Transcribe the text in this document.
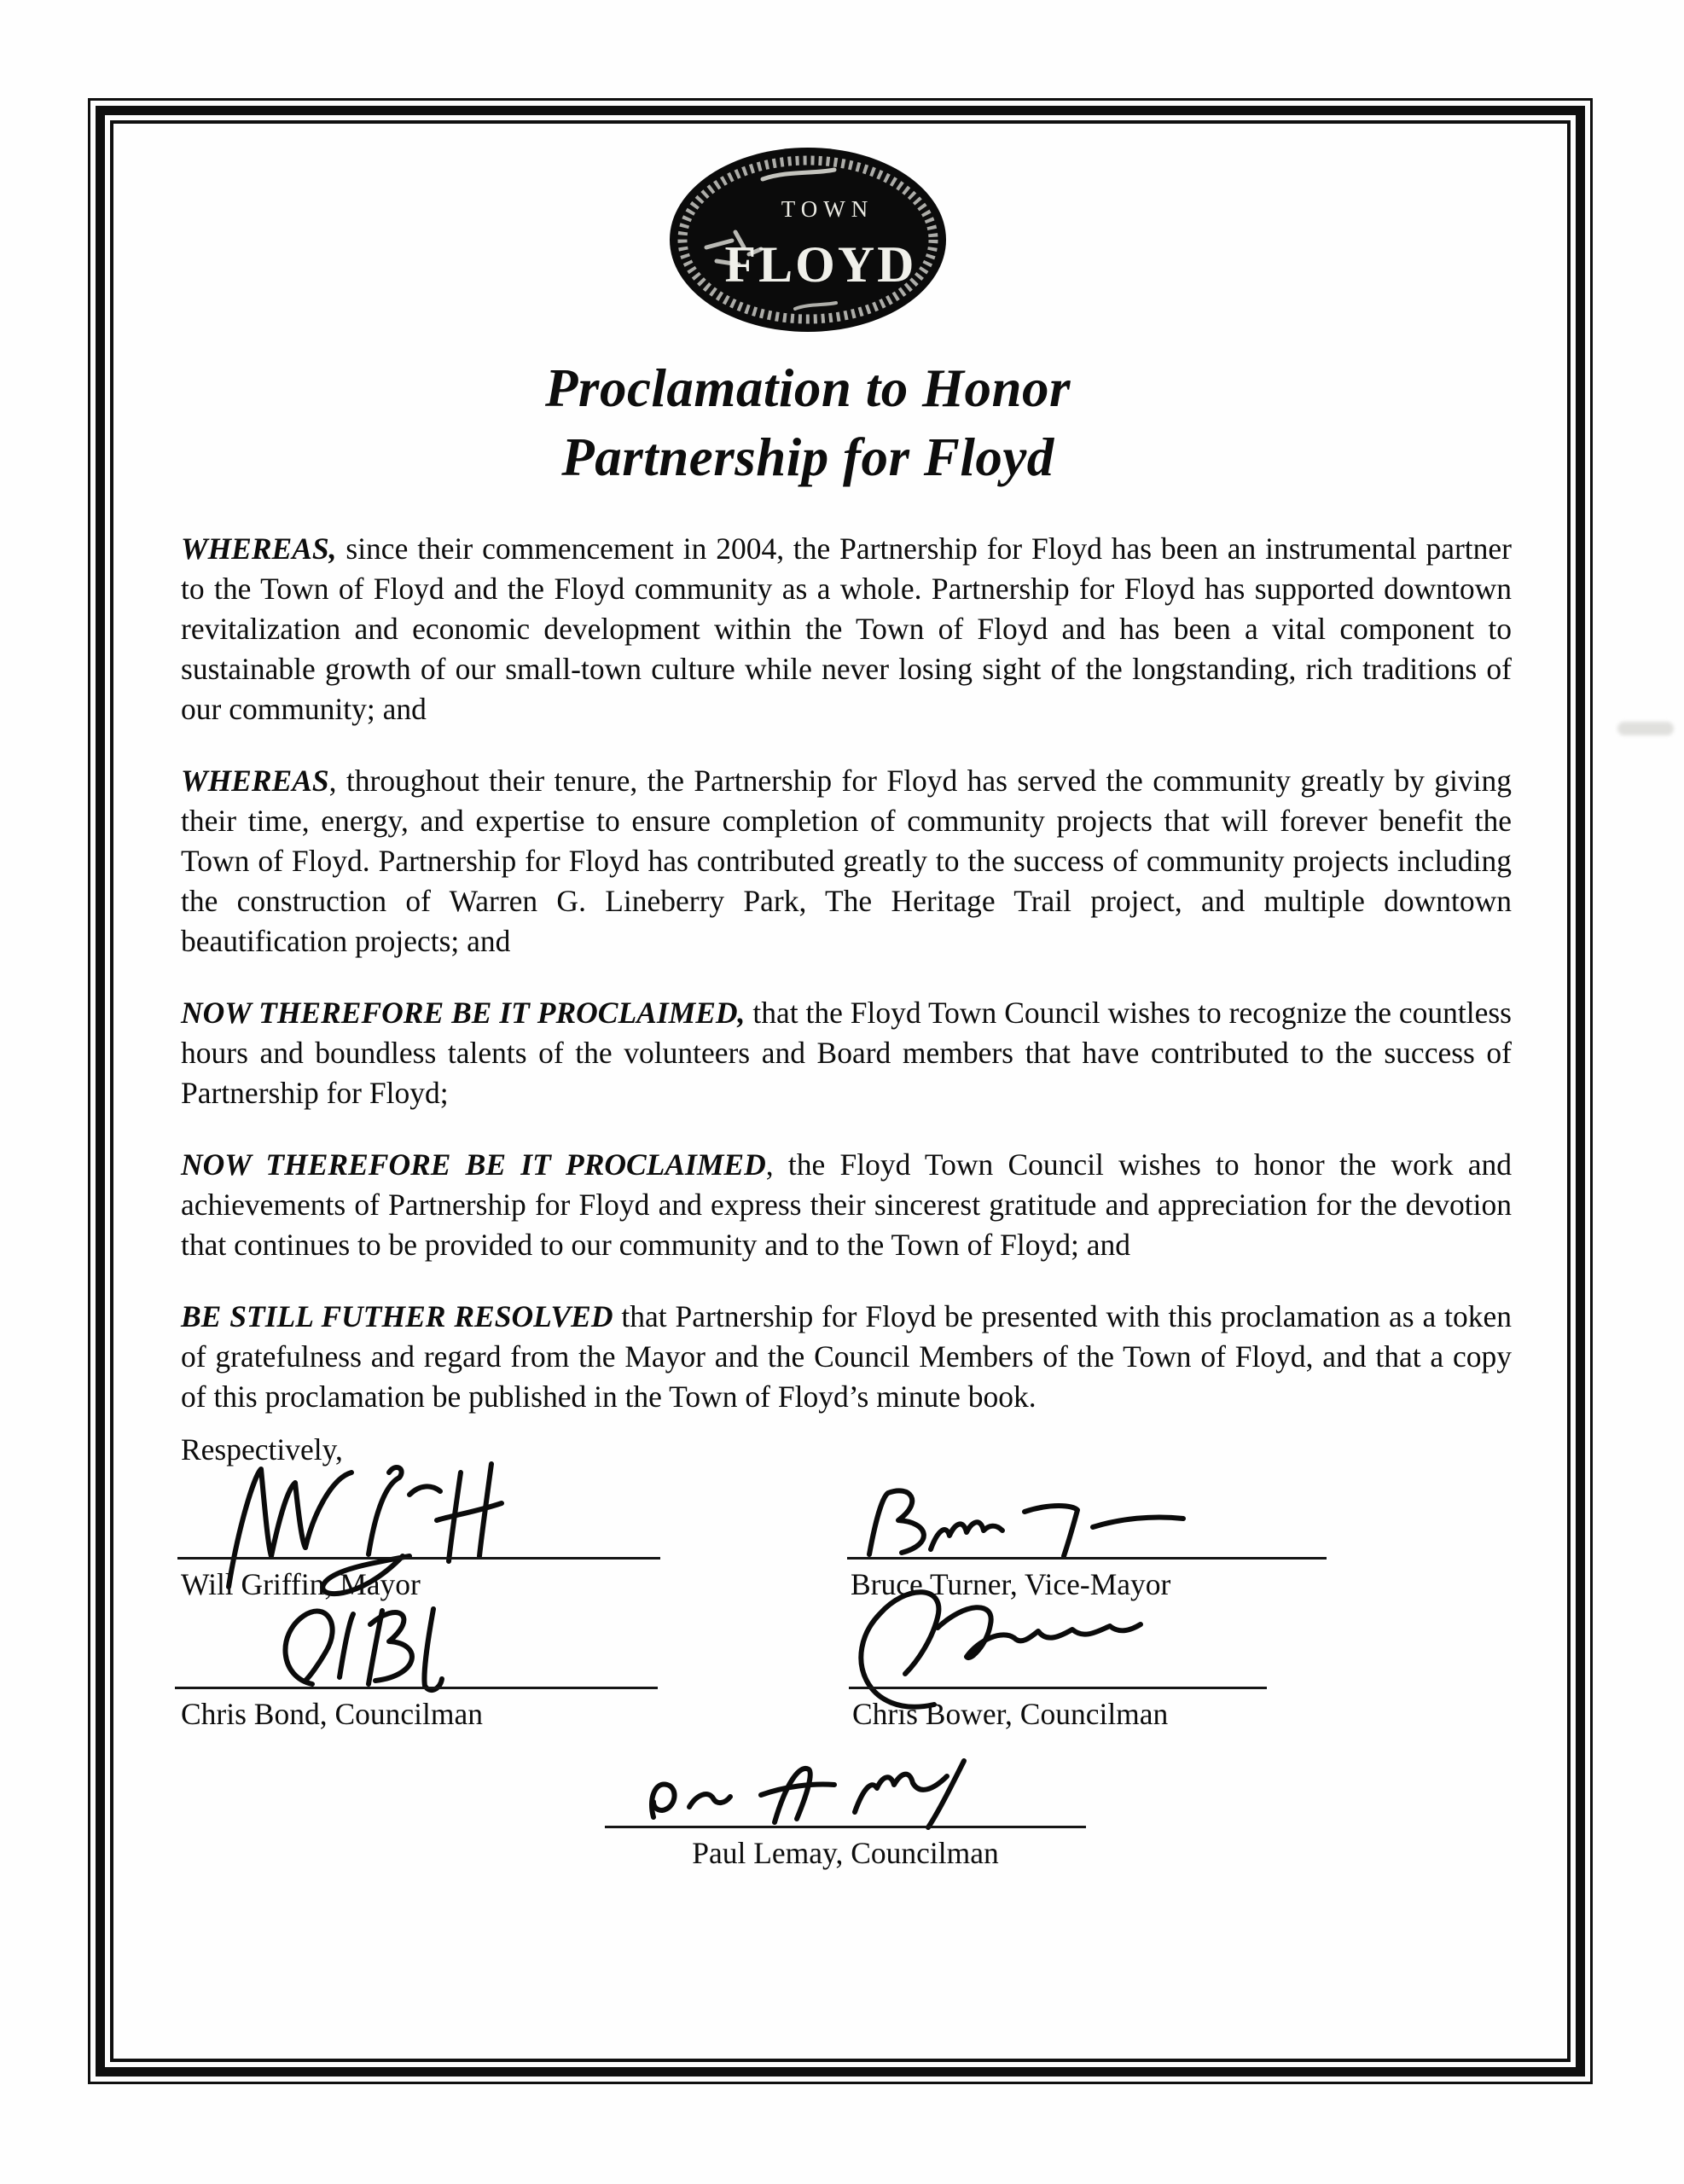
TOWN
FLOYD
Proclamation to Honor
Partnership for Floyd

WHEREAS, since their commencement in 2004, the Partnership for Floyd has been an instrumental partner to the Town of Floyd and the Floyd community as a whole. Partnership for Floyd has supported downtown revitalization and economic development within the Town of Floyd and has been a vital component to sustainable growth of our small-town culture while never losing sight of the longstanding, rich traditions of our community; and

WHEREAS, throughout their tenure, the Partnership for Floyd has served the community greatly by giving their time, energy, and expertise to ensure completion of community projects that will forever benefit the Town of Floyd. Partnership for Floyd has contributed greatly to the success of community projects including the construction of Warren G. Lineberry Park, The Heritage Trail project, and multiple downtown beautification projects; and

NOW THEREFORE BE IT PROCLAIMED, that the Floyd Town Council wishes to recognize the countless hours and boundless talents of the volunteers and Board members that have contributed to the success of Partnership for Floyd;

NOW THEREFORE BE IT PROCLAIMED, the Floyd Town Council wishes to honor the work and achievements of Partnership for Floyd and express their sincerest gratitude and appreciation for the devotion that continues to be provided to our community and to the Town of Floyd; and

BE STILL FUTHER RESOLVED that Partnership for Floyd be presented with this proclamation as a token of gratefulness and regard from the Mayor and the Council Members of the Town of Floyd, and that a copy of this proclamation be published in the Town of Floyd’s minute book.

Respectively,
Will Griffin, Mayor	Bruce Turner, Vice-Mayor
Chris Bond, Councilman	Chris Bower, Councilman
Paul Lemay, Councilman
